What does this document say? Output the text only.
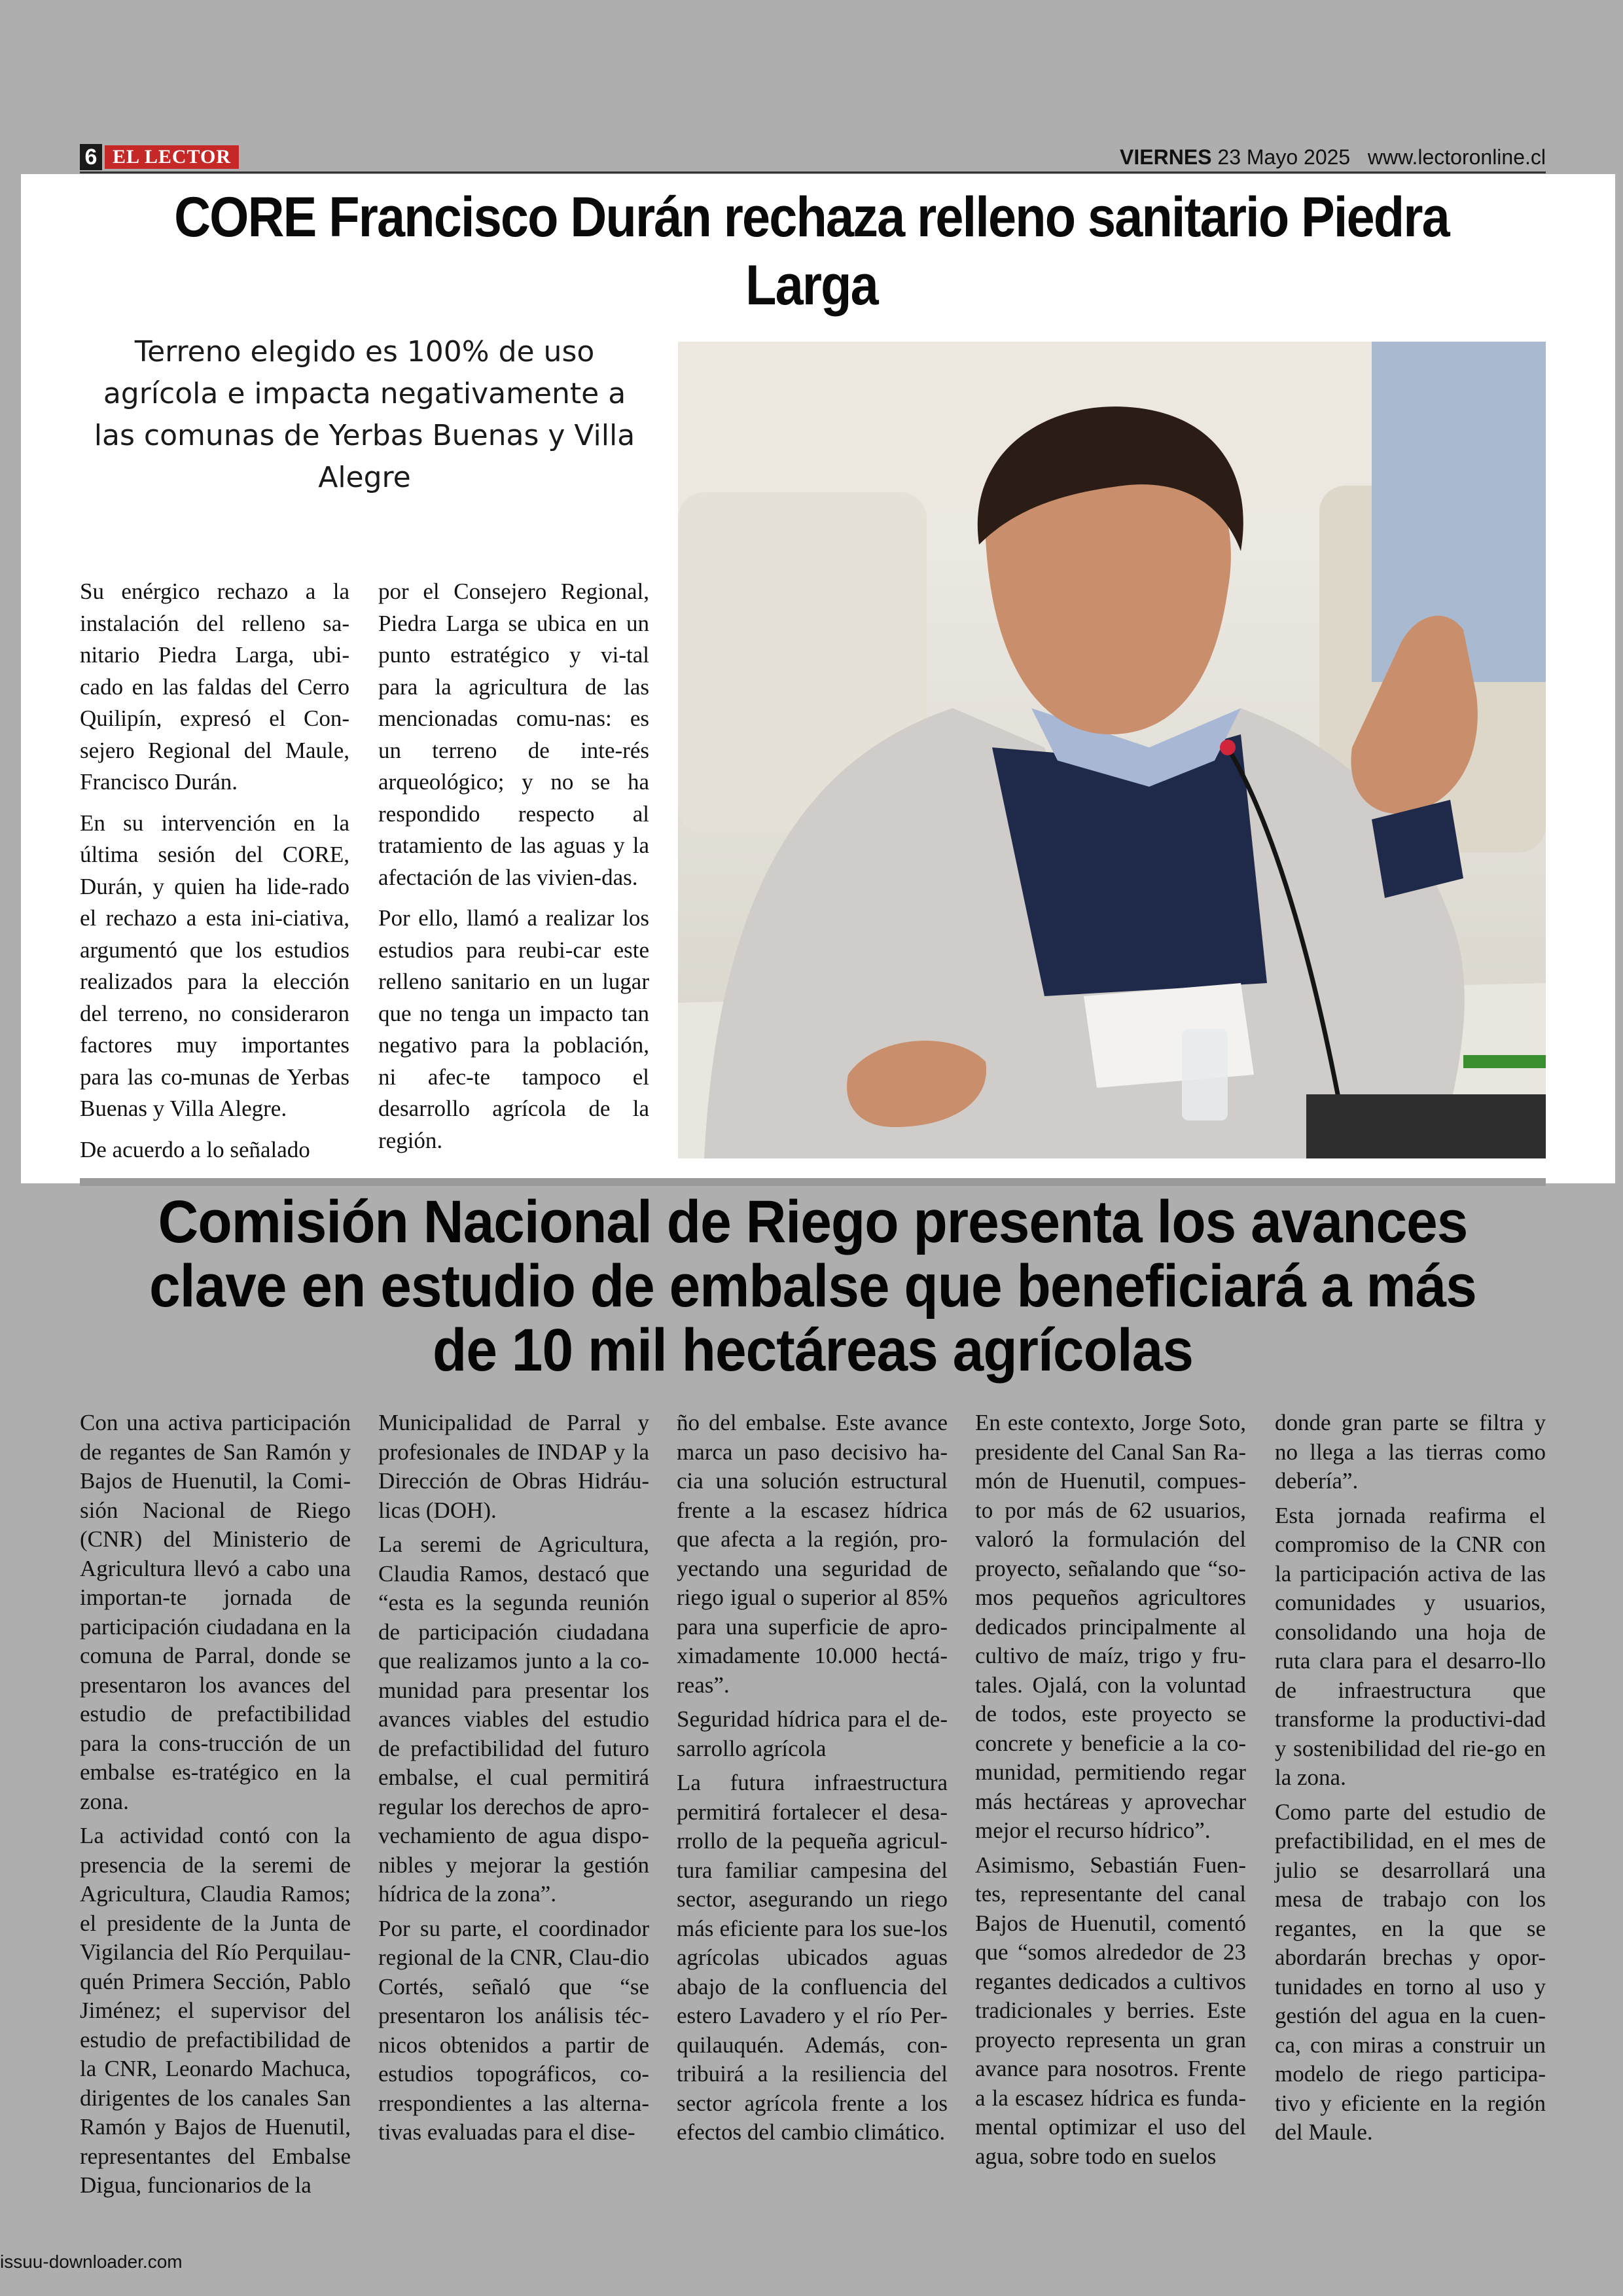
6 EL LECTOR	VIERNES 23 Mayo 2025 www.lectoronline.cl
CORE Francisco Durán rechaza relleno sanitario Piedra Larga
Terreno elegido es 100% de uso agrícola e impacta negativamente a las comunas de Yerbas Buenas y Villa Alegre

Su enérgico rechazo a la instalación del relleno sa-nitario Piedra Larga, ubi-cado en las faldas del Cerro Quilipín, expresó el Con-sejero Regional del Maule, Francisco Durán.

En su intervención en la última sesión del CORE, Durán, y quien ha lide-rado el rechazo a esta ini-ciativa, argumentó que los estudios realizados para la elección del terreno, no consideraron factores muy importantes para las co-munas de Yerbas Buenas y Villa Alegre.

De acuerdo a lo señalado

por el Consejero Regional, Piedra Larga se ubica en un punto estratégico y vi-tal para la agricultura de las mencionadas comu-nas: es un terreno de inte-rés arqueológico; y no se ha respondido respecto al tratamiento de las aguas y la afectación de las vivien-das.

Por ello, llamó a realizar los estudios para reubi-car este relleno sanitario en un lugar que no tenga un impacto tan negativo para la población, ni afec-te tampoco el desarrollo agrícola de la región.

Comisión Nacional de Riego presenta los avances clave en estudio de embalse que beneficiará a más de 10 mil hectáreas agrícolas

Con una activa participación de regantes de San Ramón y Bajos de Huenutil, la Comi-sión Nacional de Riego (CNR) del Ministerio de Agricultura llevó a cabo una importan-te jornada de participación ciudadana en la comuna de Parral, donde se presentaron los avances del estudio de prefactibilidad para la cons-trucción de un embalse es-tratégico en la zona.

La actividad contó con la presencia de la seremi de Agricultura, Claudia Ramos; el presidente de la Junta de Vigilancia del Río Perquilau-quén Primera Sección, Pablo Jiménez; el supervisor del estudio de prefactibilidad de la CNR, Leonardo Machuca, dirigentes de los canales San Ramón y Bajos de Huenutil, representantes del Embalse Digua, funcionarios de la

Municipalidad de Parral y profesionales de INDAP y la Dirección de Obras Hidráu-licas (DOH).

La seremi de Agricultura, Claudia Ramos, destacó que “esta es la segunda reunión de participación ciudadana que realizamos junto a la co-munidad para presentar los avances viables del estudio de prefactibilidad del futuro embalse, el cual permitirá regular los derechos de apro-vechamiento de agua dispo-nibles y mejorar la gestión hídrica de la zona”.

Por su parte, el coordinador regional de la CNR, Clau-dio Cortés, señaló que “se presentaron los análisis téc-nicos obtenidos a partir de estudios topográficos, co-rrespondientes a las alterna-tivas evaluadas para el dise-

ño del embalse. Este avance marca un paso decisivo ha-cia una solución estructural frente a la escasez hídrica que afecta a la región, pro-yectando una seguridad de riego igual o superior al 85% para una superficie de apro-ximadamente 10.000 hectá-reas”.

Seguridad hídrica para el de-sarrollo agrícola

La futura infraestructura permitirá fortalecer el desa-rrollo de la pequeña agricul-tura familiar campesina del sector, asegurando un riego más eficiente para los sue-los agrícolas ubicados aguas abajo de la confluencia del estero Lavadero y el río Per-quilauquén. Además, con-tribuirá a la resiliencia del sector agrícola frente a los efectos del cambio climático.

En este contexto, Jorge Soto, presidente del Canal San Ra-món de Huenutil, compues-to por más de 62 usuarios, valoró la formulación del proyecto, señalando que “so-mos pequeños agricultores dedicados principalmente al cultivo de maíz, trigo y fru-tales. Ojalá, con la voluntad de todos, este proyecto se concrete y beneficie a la co-munidad, permitiendo regar más hectáreas y aprovechar mejor el recurso hídrico”.

Asimismo, Sebastián Fuen-tes, representante del canal Bajos de Huenutil, comentó que “somos alrededor de 23 regantes dedicados a cultivos tradicionales y berries. Este proyecto representa un gran avance para nosotros. Frente a la escasez hídrica es funda-mental optimizar el uso del agua, sobre todo en suelos

donde gran parte se filtra y no llega a las tierras como debería”.

Esta jornada reafirma el compromiso de la CNR con la participación activa de las comunidades y usuarios, consolidando una hoja de ruta clara para el desarro-llo de infraestructura que transforme la productivi-dad y sostenibilidad del rie-go en la zona.

Como parte del estudio de prefactibilidad, en el mes de julio se desarrollará una mesa de trabajo con los regantes, en la que se abordarán brechas y opor-tunidades en torno al uso y gestión del agua en la cuen-ca, con miras a construir un modelo de riego participa-tivo y eficiente en la región del Maule.

issuu-downloader.com
